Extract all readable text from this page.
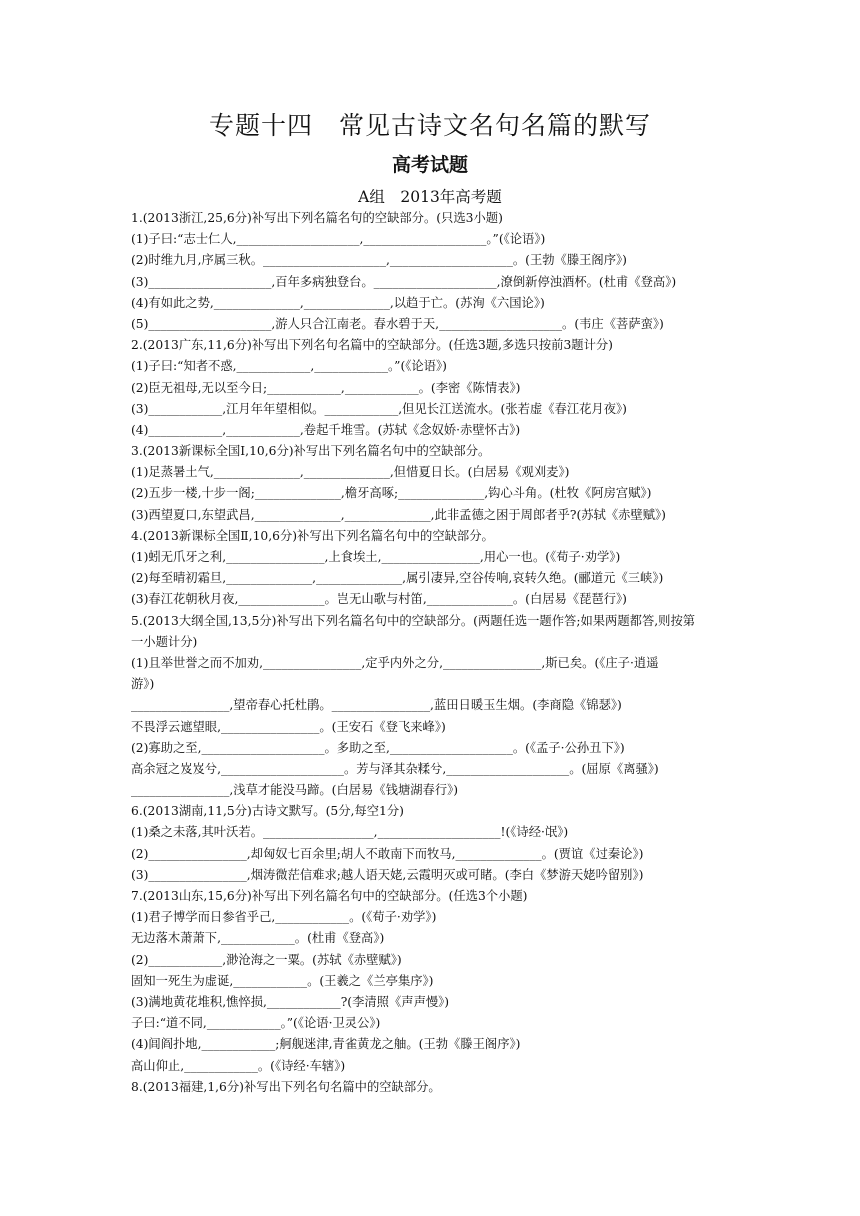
专题十四　常见古诗文名句名篇的默写
高考试题
A组　2013年高考题
1.(2013浙江,25,6分)补写出下列名篇名句的空缺部分。(只选3小题)
(1)子曰:“志士仁人,____________________,____________________。”(《论语》)
(2)时维九月,序属三秋。____________________,____________________。(王勃《滕王阁序》)
(3)____________________,百年多病独登台。____________________,潦倒新停浊酒杯。(杜甫《登高》)
(4)有如此之势,______________,______________,以趋于亡。(苏洵《六国论》)
(5)____________________,游人只合江南老。春水碧于天,____________________。(韦庄《菩萨蛮》)
2.(2013广东,11,6分)补写出下列名句名篇中的空缺部分。(任选3题,多选只按前3题计分)
(1)子曰:“知者不惑,____________,____________。”(《论语》)
(2)臣无祖母,无以至今日;____________,____________。(李密《陈情表》)
(3)____________,江月年年望相似。____________,但见长江送流水。(张若虚《春江花月夜》)
(4)____________,____________,卷起千堆雪。(苏轼《念奴娇·赤壁怀古》)
3.(2013新课标全国Ⅰ,10,6分)补写出下列名篇名句中的空缺部分。
(1)足蒸暑土气,______________,______________,但惜夏日长。(白居易《观刈麦》)
(2)五步一楼,十步一阁;______________,檐牙高啄;______________,钩心斗角。(杜牧《阿房宫赋》)
(3)西望夏口,东望武昌,______________,______________,此非孟德之困于周郎者乎?(苏轼《赤壁赋》)
4.(2013新课标全国Ⅱ,10,6分)补写出下列名篇名句中的空缺部分。
(1)蚓无爪牙之利,________________,上食埃土,________________,用心一也。(《荀子·劝学》)
(2)每至晴初霜旦,______________,______________,属引凄异,空谷传响,哀转久绝。(郦道元《三峡》)
(3)春江花朝秋月夜,______________。岂无山歌与村笛,______________。(白居易《琵琶行》)
5.(2013大纲全国,13,5分)补写出下列名篇名句中的空缺部分。(两题任选一题作答;如果两题都答,则按第
一小题计分)
(1)且举世誉之而不加劝,________________,定乎内外之分,________________,斯已矣。(《庄子·逍遥
游》)
________________,望帝春心托杜鹃。________________,蓝田日暖玉生烟。(李商隐《锦瑟》)
不畏浮云遮望眼,________________。(王安石《登飞来峰》)
(2)寡助之至,____________________。多助之至,____________________。(《孟子·公孙丑下》)
高余冠之岌岌兮,____________________。芳与泽其杂糅兮,____________________。(屈原《离骚》)
________________,浅草才能没马蹄。(白居易《钱塘湖春行》)
6.(2013湖南,11,5分)古诗文默写。(5分,每空1分)
(1)桑之未落,其叶沃若。__________________,____________________!(《诗经·氓》)
(2)________________,却匈奴七百余里;胡人不敢南下而牧马,______________。(贾谊《过秦论》)
(3)________________,烟涛微茫信难求;越人语天姥,云霞明灭或可睹。(李白《梦游天姥吟留别》)
7.(2013山东,15,6分)补写出下列名篇名句中的空缺部分。(任选3个小题)
(1)君子博学而日参省乎己,____________。(《荀子·劝学》)
无边落木萧萧下,____________。(杜甫《登高》)
(2)____________,渺沧海之一粟。(苏轼《赤壁赋》)
固知一死生为虚诞,____________。(王羲之《兰亭集序》)
(3)满地黄花堆积,憔悴损,____________?(李清照《声声慢》)
子曰:“道不同,____________。”(《论语·卫灵公》)
(4)闾阎扑地,____________;舸舰迷津,青雀黄龙之舳。(王勃《滕王阁序》)
高山仰止,____________。(《诗经·车辖》)
8.(2013福建,1,6分)补写出下列名句名篇中的空缺部分。
